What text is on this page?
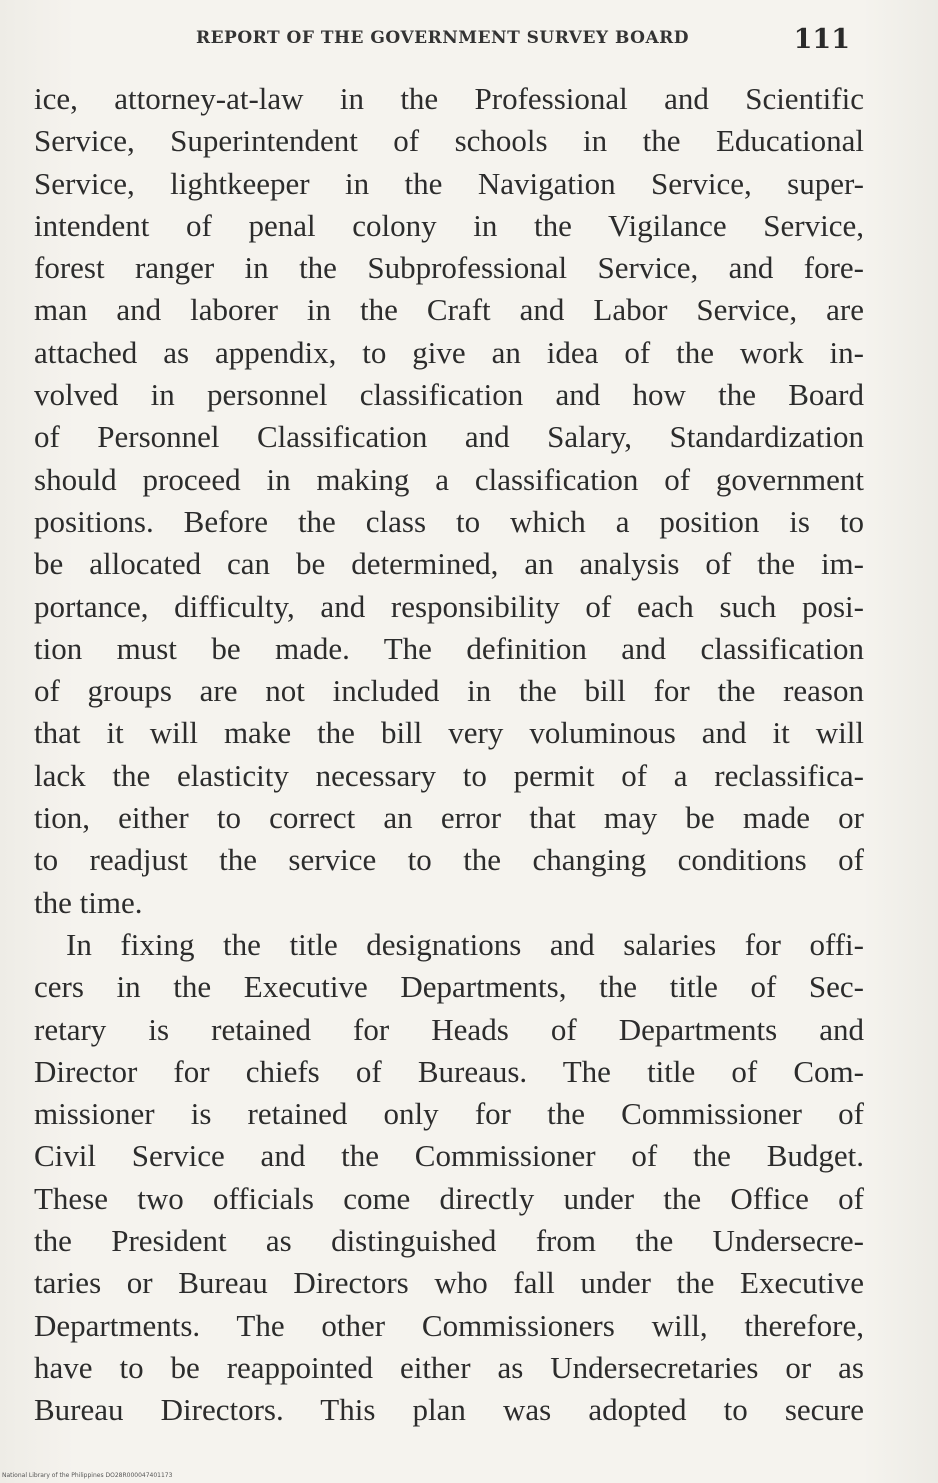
REPORT OF THE GOVERNMENT SURVEY BOARD	111
ice, attorney-at-law in the Professional and Scientific
Service, Superintendent of schools in the Educational
Service, lightkeeper in the Navigation Service, super-
intendent of penal colony in the Vigilance Service,
forest ranger in the Subprofessional Service, and fore-
man and laborer in the Craft and Labor Service, are
attached as appendix, to give an idea of the work in-
volved in personnel classification and how the Board
of Personnel Classification and Salary, Standardization
should proceed in making a classification of government
positions. Before the class to which a position is to
be allocated can be determined, an analysis of the im-
portance, difficulty, and responsibility of each such posi-
tion must be made. The definition and classification
of groups are not included in the bill for the reason
that it will make the bill very voluminous and it will
lack the elasticity necessary to permit of a reclassifica-
tion, either to correct an error that may be made or
to readjust the service to the changing conditions of
the time.
In fixing the title designations and salaries for offi-
cers in the Executive Departments, the title of Sec-
retary is retained for Heads of Departments and
Director for chiefs of Bureaus. The title of Com-
missioner is retained only for the Commissioner of
Civil Service and the Commissioner of the Budget.
These two officials come directly under the Office of
the President as distinguished from the Undersecre-
taries or Bureau Directors who fall under the Executive
Departments. The other Commissioners will, therefore,
have to be reappointed either as Undersecretaries or as
Bureau Directors. This plan was adopted to secure
National Library of the Philippines DO28R000047401173
